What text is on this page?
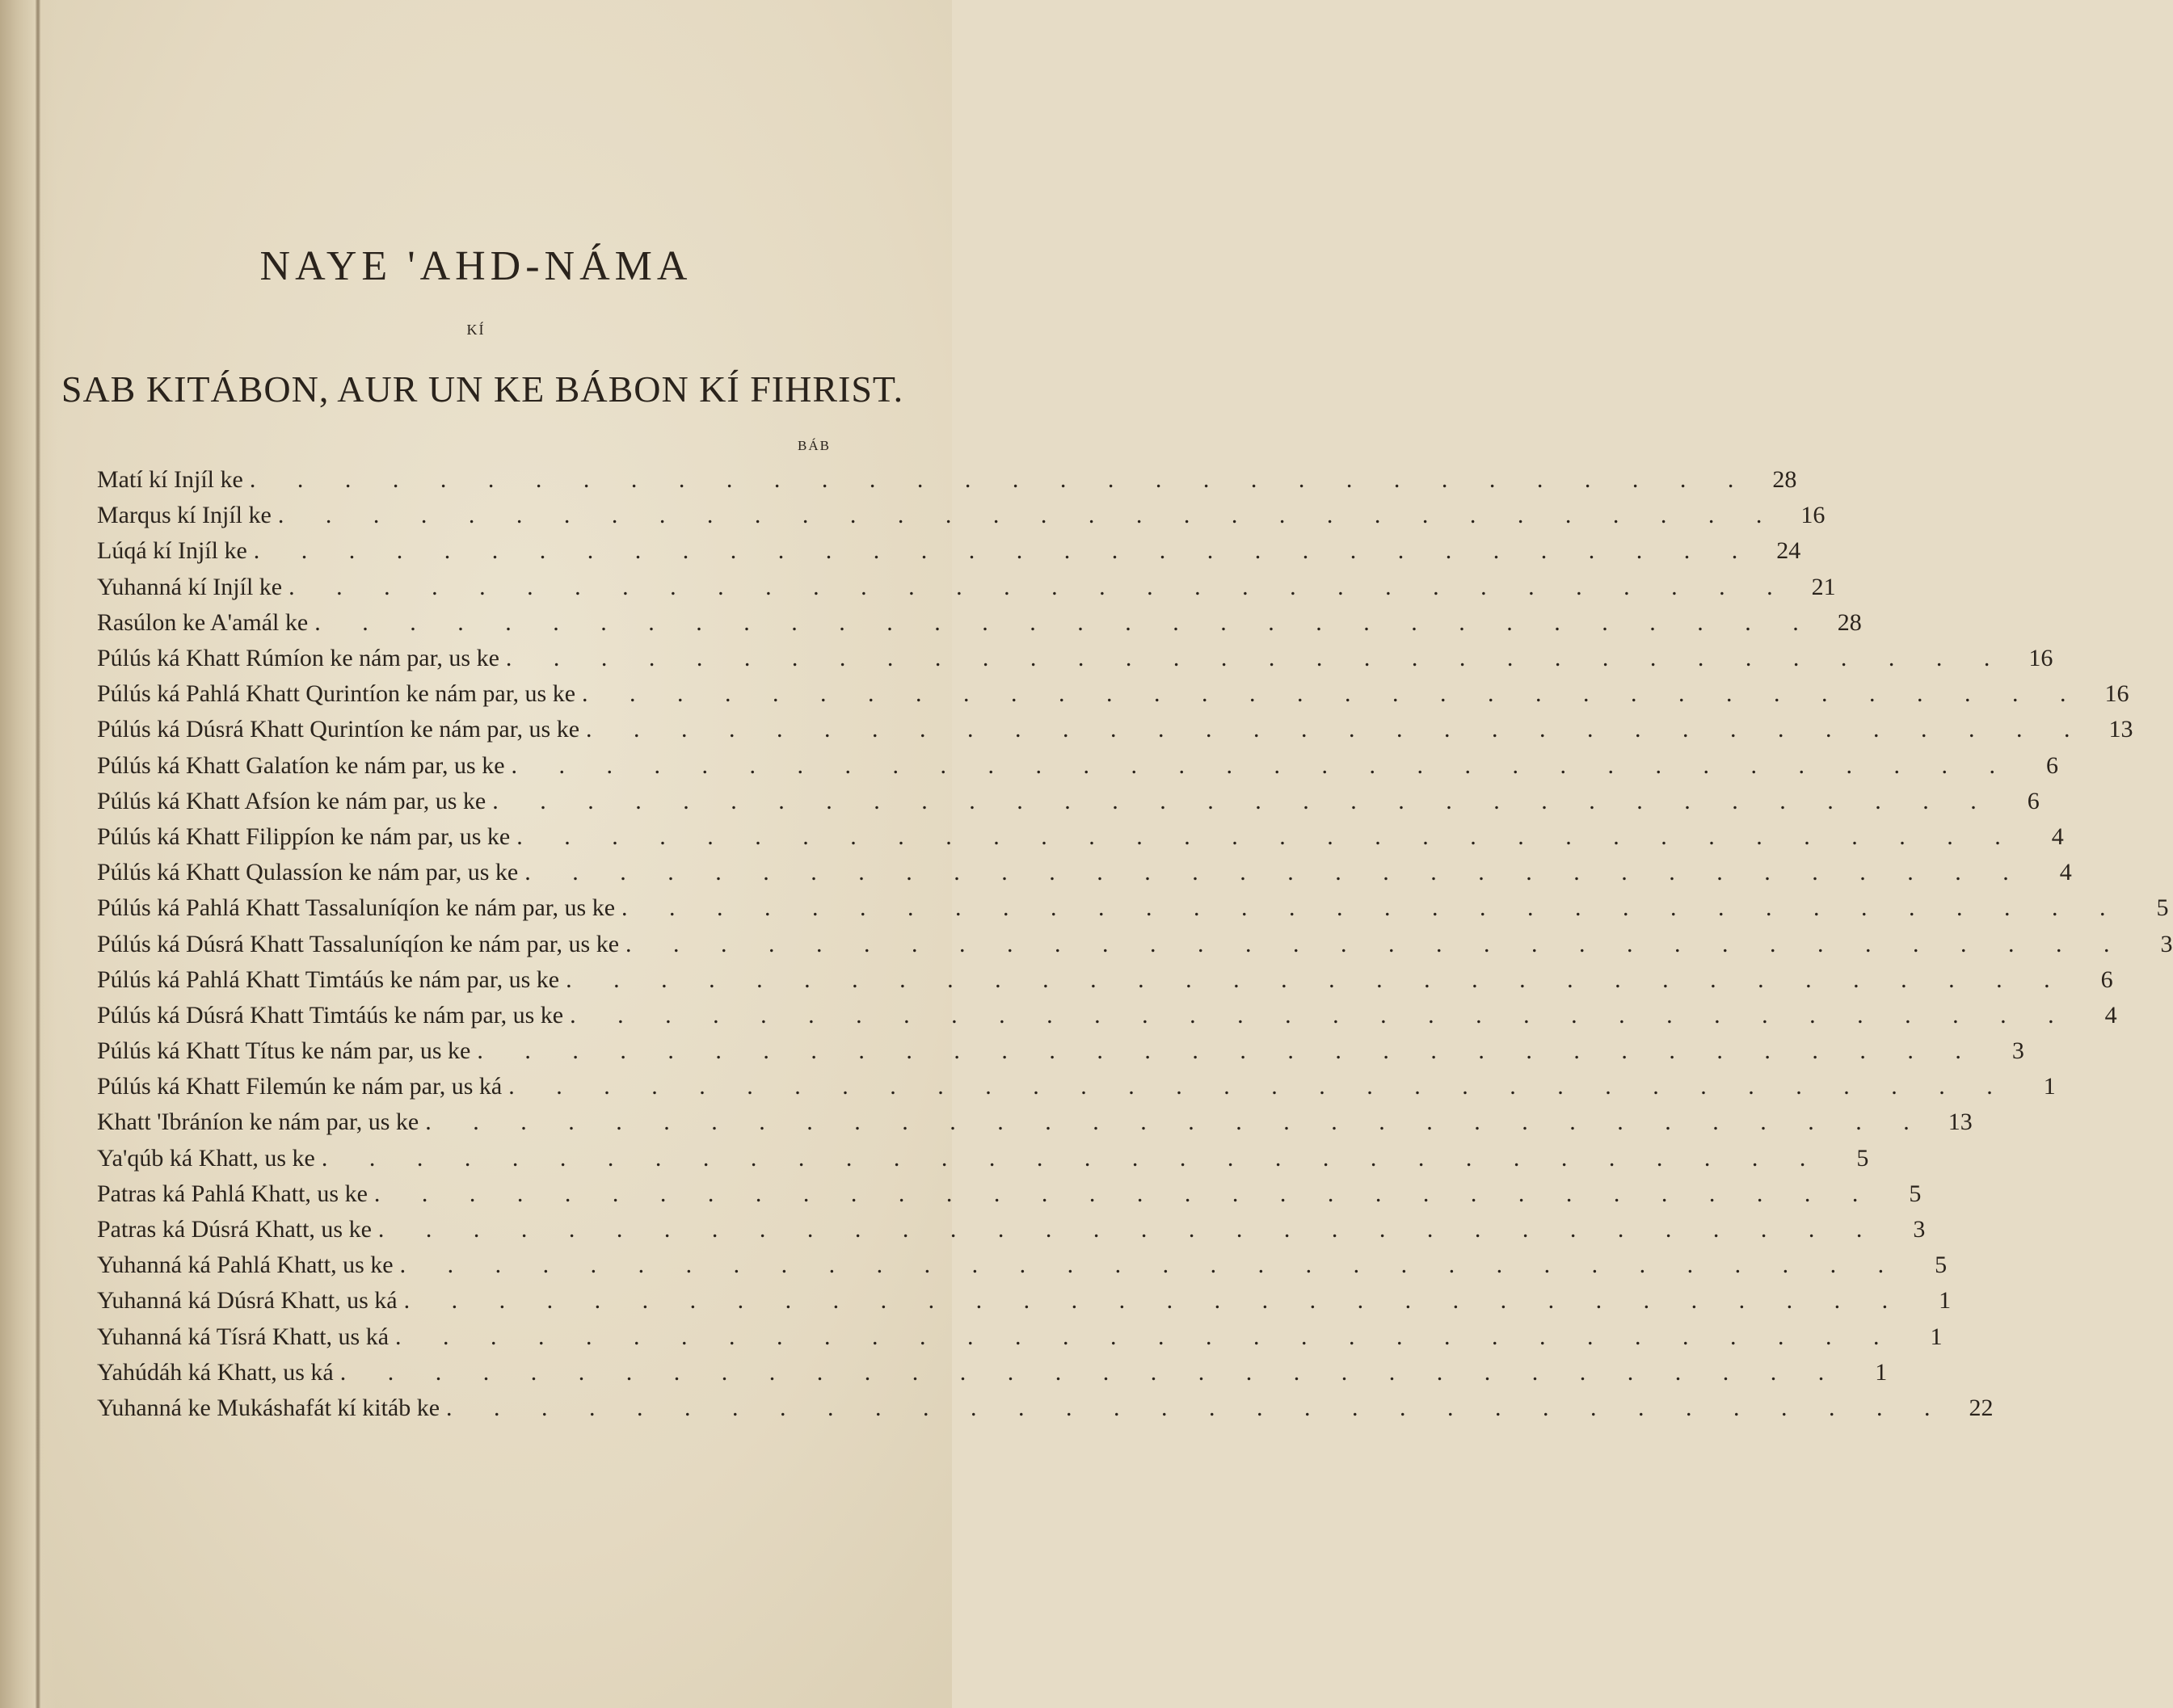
NAYE 'AHD-NÁMA
KÍ
SAB KITÁBON, AUR UN KE BÁBON KÍ FIHRIST.
BÁB
Matí kí Injíl ke . . . . . . . . . . . . . . . . . . . . . . . . . . . . . . . . 28
Marqus kí Injíl ke . . . . . . . . . . . . . . . . . . . . . . . . . . . . . . . . 16
Lúqá kí Injíl ke . . . . . . . . . . . . . . . . . . . . . . . . . . . . . . . . 24
Yuhanná kí Injíl ke . . . . . . . . . . . . . . . . . . . . . . . . . . . . . . . . 21
Rasúlon ke A'amál ke . . . . . . . . . . . . . . . . . . . . . . . . . . . . . . . . 28
Púlús ká Khatt Rúmíon ke nám par, us ke . . . . . . . . . . . . . . . . . . . . . . . . . . . . . . . . 16
Púlús ká Pahlá Khatt Qurintíon ke nám par, us ke . . . . . . . . . . . . . . . . . . . . . . . . . . . . . . . . 16
Púlús ká Dúsrá Khatt Qurintíon ke nám par, us ke . . . . . . . . . . . . . . . . . . . . . . . . . . . . . . . . 13
Púlús ká Khatt Galatíon ke nám par, us ke . . . . . . . . . . . . . . . . . . . . . . . . . . . . . . . .	6
Púlús ká Khatt Afsíon ke nám par, us ke . . . . . . . . . . . . . . . . . . . . . . . . . . . . . . . .	6
Púlús ká Khatt Filippíon ke nám par, us ke . . . . . . . . . . . . . . . . . . . . . . . . . . . . . . . .	4
Púlús ká Khatt Qulassíon ke nám par, us ke . . . . . . . . . . . . . . . . . . . . . . . . . . . . . . . .	4
Púlús ká Pahlá Khatt Tassaluníqíon ke nám par, us ke . . . . . . . . . . . . . . . . . . . . . . . . . . . . . . . .	5
Púlús ká Dúsrá Khatt Tassaluníqíon ke nám par, us ke . . . . . . . . . . . . . . . . . . . . . . . . . . . . . . . .	3
Púlús ká Pahlá Khatt Timtáús ke nám par, us ke . . . . . . . . . . . . . . . . . . . . . . . . . . . . . . . .	6
Púlús ká Dúsrá Khatt Timtáús ke nám par, us ke . . . . . . . . . . . . . . . . . . . . . . . . . . . . . . . .	4
Púlús ká Khatt Títus ke nám par, us ke . . . . . . . . . . . . . . . . . . . . . . . . . . . . . . . .	3
Púlús ká Khatt Filemún ke nám par, us ká . . . . . . . . . . . . . . . . . . . . . . . . . . . . . . . .	1
Khatt 'Ibráníon ke nám par, us ke . . . . . . . . . . . . . . . . . . . . . . . . . . . . . . . . 13
Ya'qúb ká Khatt, us ke . . . . . . . . . . . . . . . . . . . . . . . . . . . . . . . .	5
Patras ká Pahlá Khatt, us ke . . . . . . . . . . . . . . . . . . . . . . . . . . . . . . . .	5
Patras ká Dúsrá Khatt, us ke . . . . . . . . . . . . . . . . . . . . . . . . . . . . . . . .	3
Yuhanná ká Pahlá Khatt, us ke . . . . . . . . . . . . . . . . . . . . . . . . . . . . . . . .	5
Yuhanná ká Dúsrá Khatt, us ká . . . . . . . . . . . . . . . . . . . . . . . . . . . . . . . .	1
Yuhanná ká Tísrá Khatt, us ká . . . . . . . . . . . . . . . . . . . . . . . . . . . . . . . .	1
Yahúdáh ká Khatt, us ká . . . . . . . . . . . . . . . . . . . . . . . . . . . . . . . .	1
Yuhanná ke Mukáshafát kí kitáb ke . . . . . . . . . . . . . . . . . . . . . . . . . . . . . . . . 22
